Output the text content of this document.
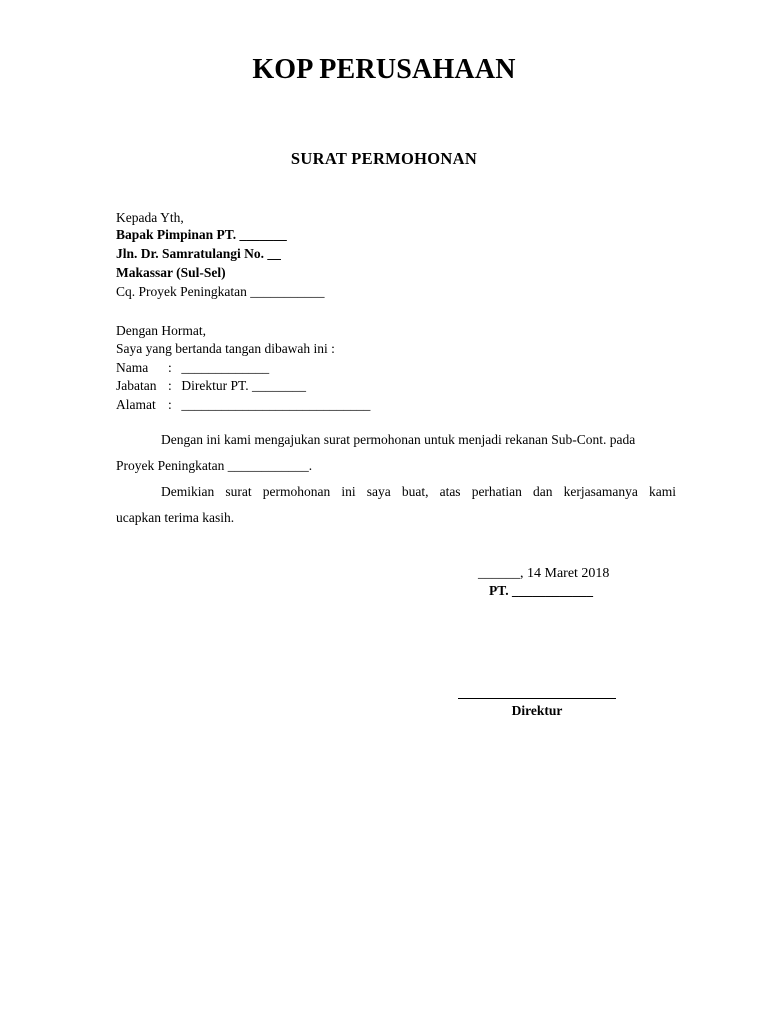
KOP PERUSAHAAN
SURAT PERMOHONAN
Kepada Yth,
Bapak Pimpinan PT. _______
Jln. Dr. Samratulangi No. __
Makassar (Sul-Sel)
Cq. Proyek Peningkatan ___________
Dengan Hormat,
Saya yang bertanda tangan dibawah ini :
Nama : _____________
Jabatan : Direktur PT. ________
Alamat : ____________________________
Dengan ini kami mengajukan surat permohonan untuk menjadi rekanan Sub-Cont. pada
Proyek Peningkatan ____________.
Demikian surat permohonan ini saya buat, atas perhatian dan kerjasamanya kami
ucapkan terima kasih.
______, 14 Maret 2018
PT. ____________
Direktur
